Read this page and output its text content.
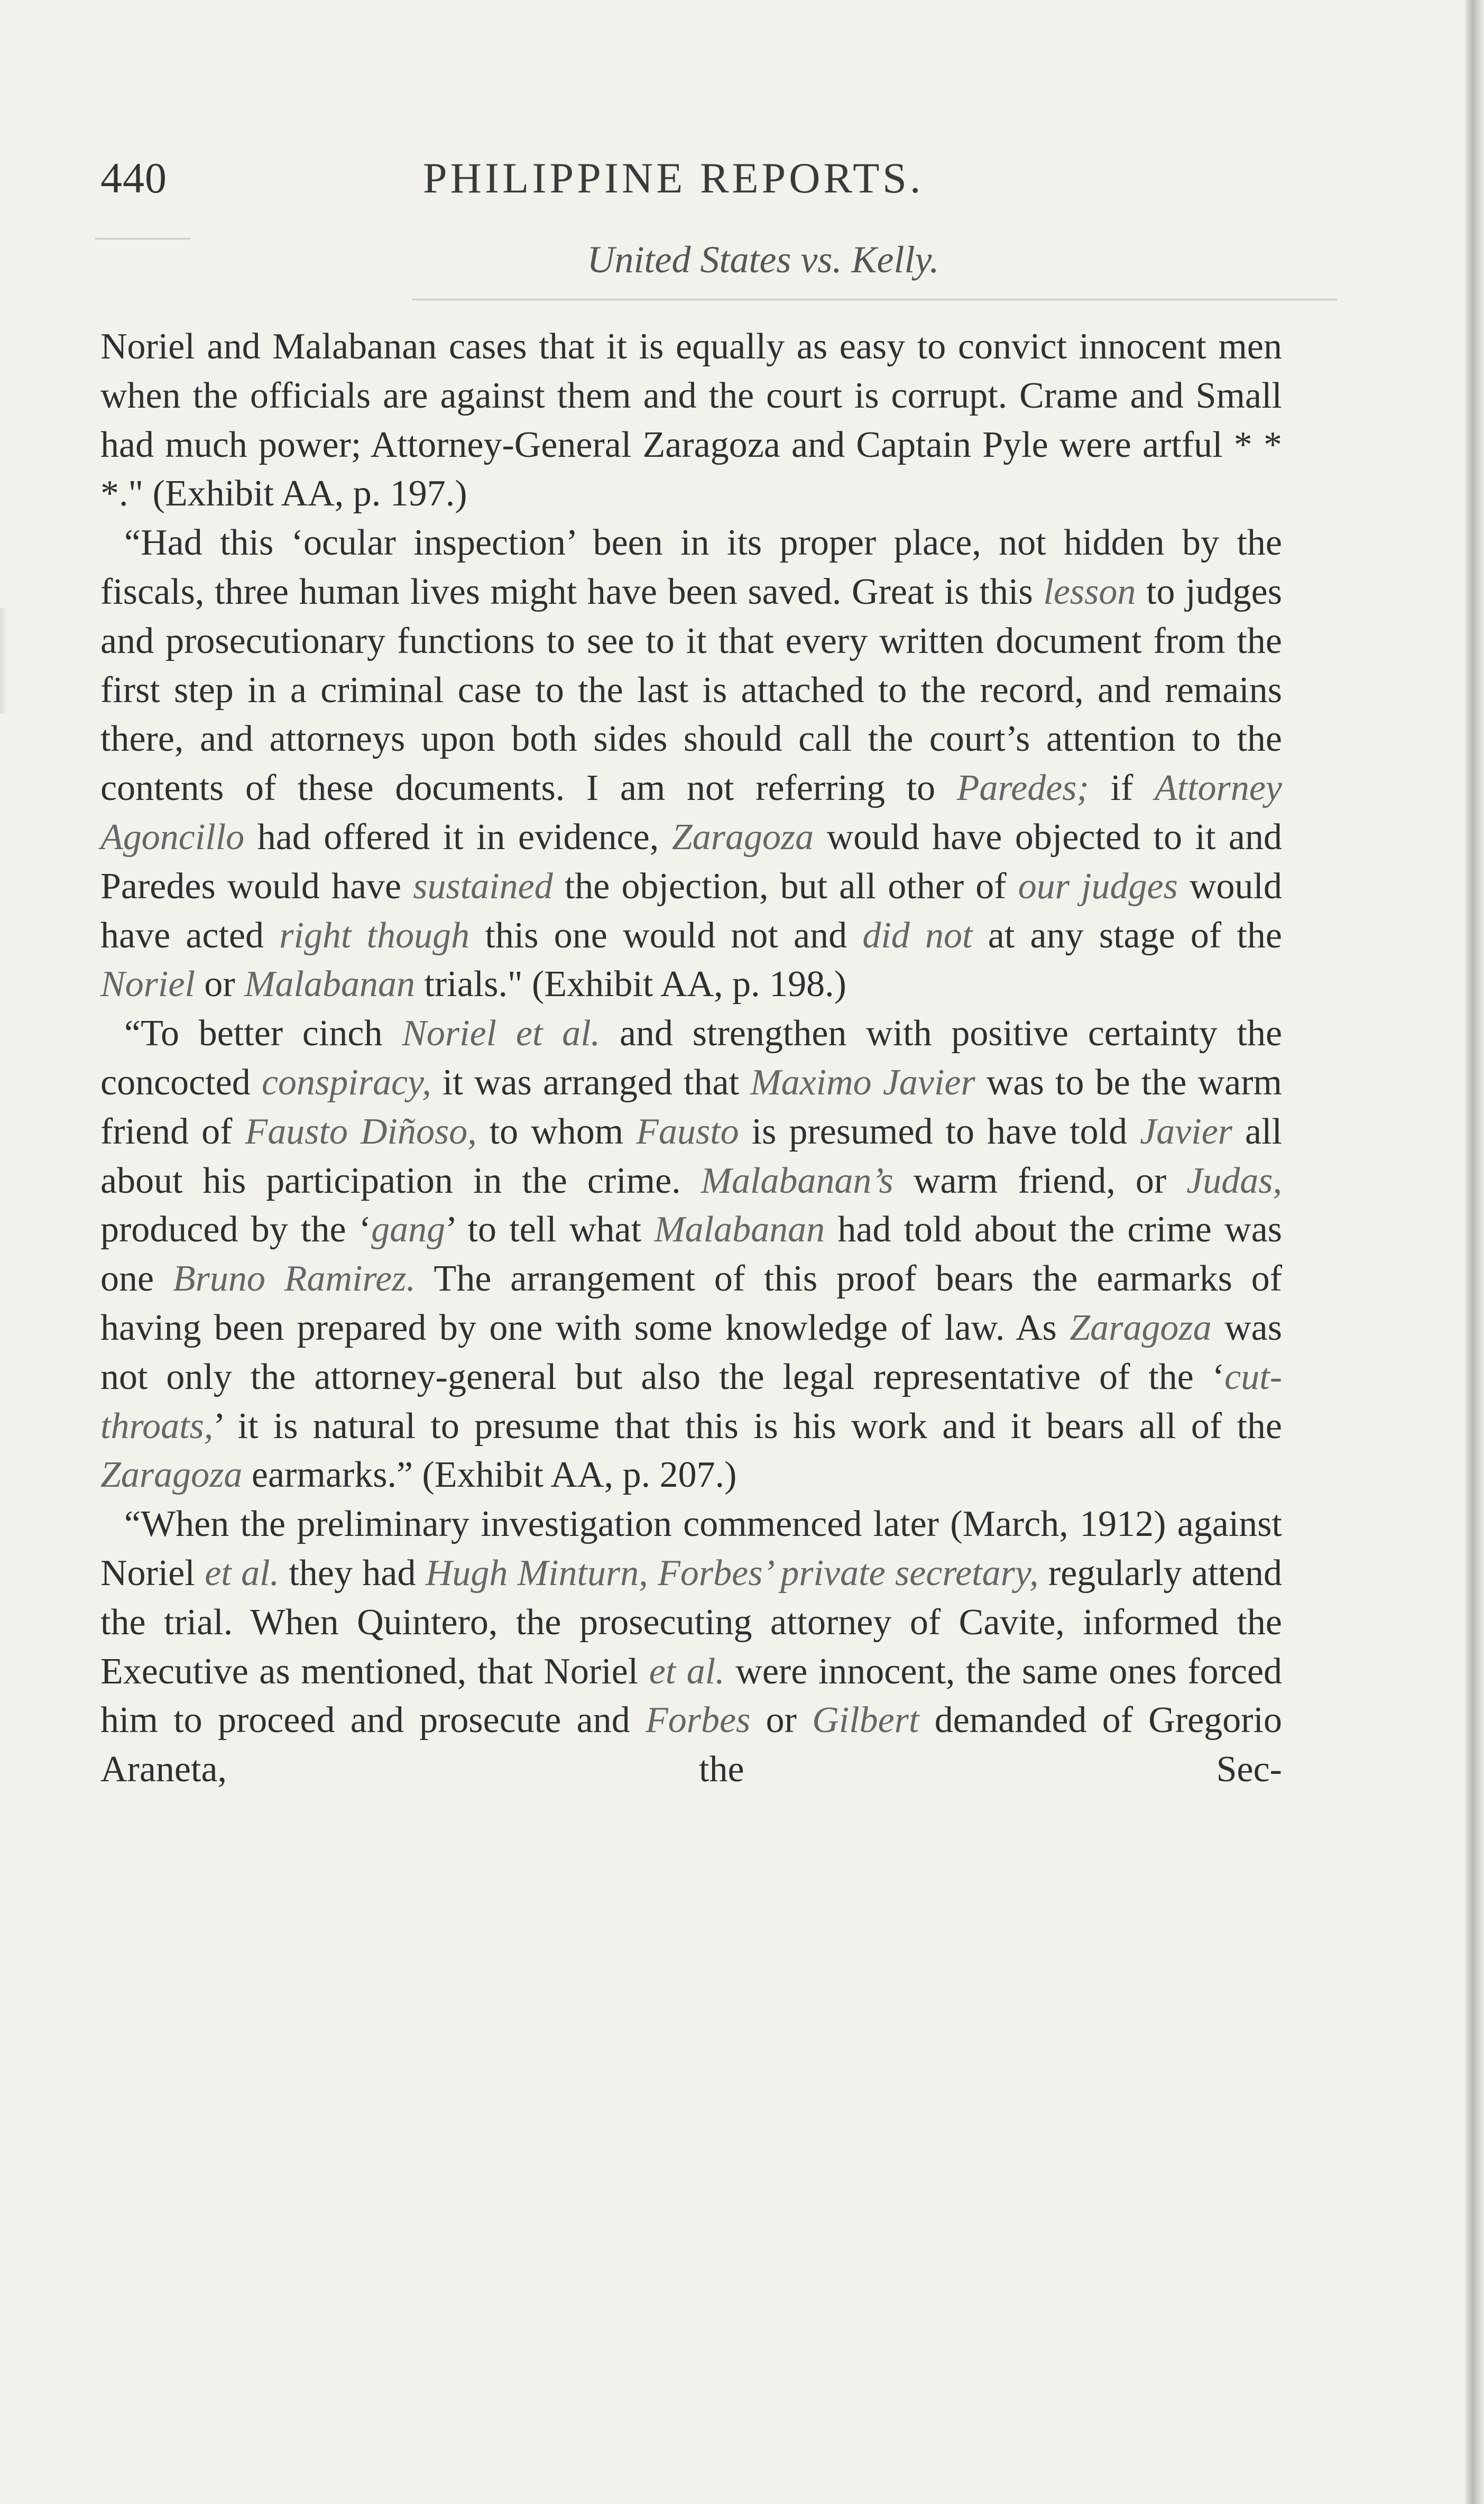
440	PHILIPPINE REPORTS.
United States vs. Kelly.

Noriel and Malabanan cases that it is equally as easy to convict innocent men when the officials are against them and the court is corrupt. Crame and Small had much power; Attorney-General Zaragoza and Captain Pyle were artful * * *." (Exhibit AA, p. 197.)

“Had this ‘ocular inspection’ been in its proper place, not hidden by the fiscals, three human lives might have been saved. Great is this lesson to judges and prosecutionary functions to see to it that every written document from the first step in a criminal case to the last is attached to the record, and remains there, and attorneys upon both sides should call the court’s attention to the contents of these documents. I am not referring to Paredes; if Attorney Agoncillo had offered it in evidence, Zaragoza would have objected to it and Paredes would have sustained the objection, but all other of our judges would have acted right though this one would not and did not at any stage of the Noriel or Malabanan trials." (Exhibit AA, p. 198.)

“To better cinch Noriel et al. and strengthen with positive certainty the concocted conspiracy, it was arranged that Maximo Javier was to be the warm friend of Fausto Diñoso, to whom Fausto is presumed to have told Javier all about his participation in the crime. Malabanan’s warm friend, or Judas, produced by the ‘gang’ to tell what Malabanan had told about the crime was one Bruno Ramirez. The arrangement of this proof bears the earmarks of having been prepared by one with some knowledge of law. As Zaragoza was not only the attorney-general but also the legal representative of the ‘cut-throats,’ it is natural to presume that this is his work and it bears all of the Zaragoza earmarks.” (Exhibit AA, p. 207.)

“When the preliminary investigation commenced later (March, 1912) against Noriel et al. they had Hugh Minturn, Forbes’ private secretary, regularly attend the trial. When Quintero, the prosecuting attorney of Cavite, informed the Executive as mentioned, that Noriel et al. were innocent, the same ones forced him to proceed and prosecute and Forbes or Gilbert demanded of Gregorio Araneta, the Sec-
